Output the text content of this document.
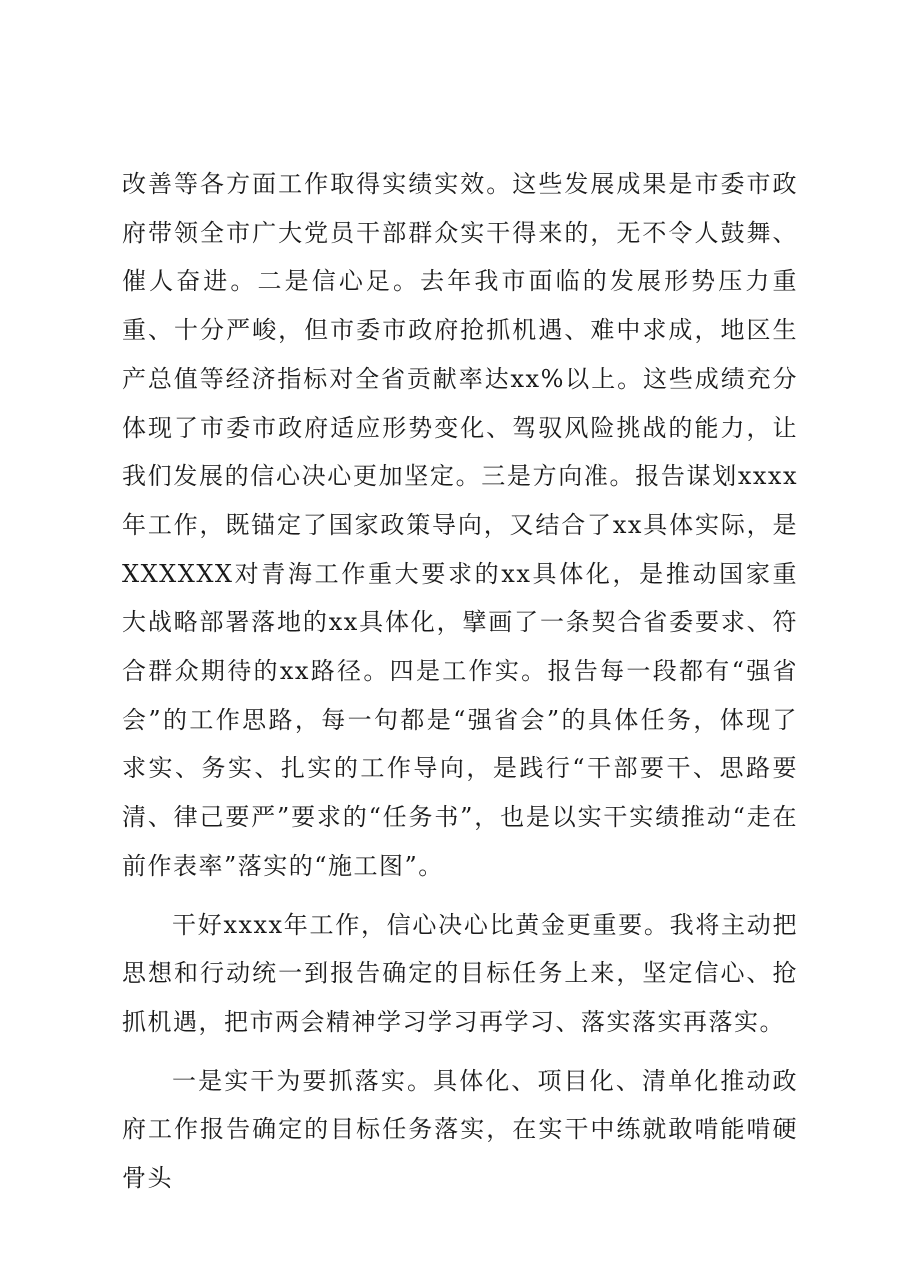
改善等各方面工作取得实绩实效。这些发展成果是市委市政府带领全市广大党员干部群众实干得来的，无不令人鼓舞、催人奋进。二是信心足。去年我市面临的发展形势压力重重、十分严峻，但市委市政府抢抓机遇、难中求成，地区生产总值等经济指标对全省贡献率达xx%以上。这些成绩充分体现了市委市政府适应形势变化、驾驭风险挑战的能力，让我们发展的信心决心更加坚定。三是方向准。报告谋划xxxx年工作，既锚定了国家政策导向，又结合了xx具体实际，是XXXXXX对青海工作重大要求的xx具体化，是推动国家重大战略部署落地的xx具体化，擘画了一条契合省委要求、符合群众期待的xx路径。四是工作实。报告每一段都有“强省会”的工作思路，每一句都是“强省会”的具体任务，体现了求实、务实、扎实的工作导向，是践行“干部要干、思路要清、律己要严”要求的“任务书”，也是以实干实绩推动“走在前作表率”落实的“施工图”。

干好xxxx年工作，信心决心比黄金更重要。我将主动把思想和行动统一到报告确定的目标任务上来，坚定信心、抢抓机遇，把市两会精神学习学习再学习、落实落实再落实。

一是实干为要抓落实。具体化、项目化、清单化推动政府工作报告确定的目标任务落实，在实干中练就敢啃能啃硬骨头
